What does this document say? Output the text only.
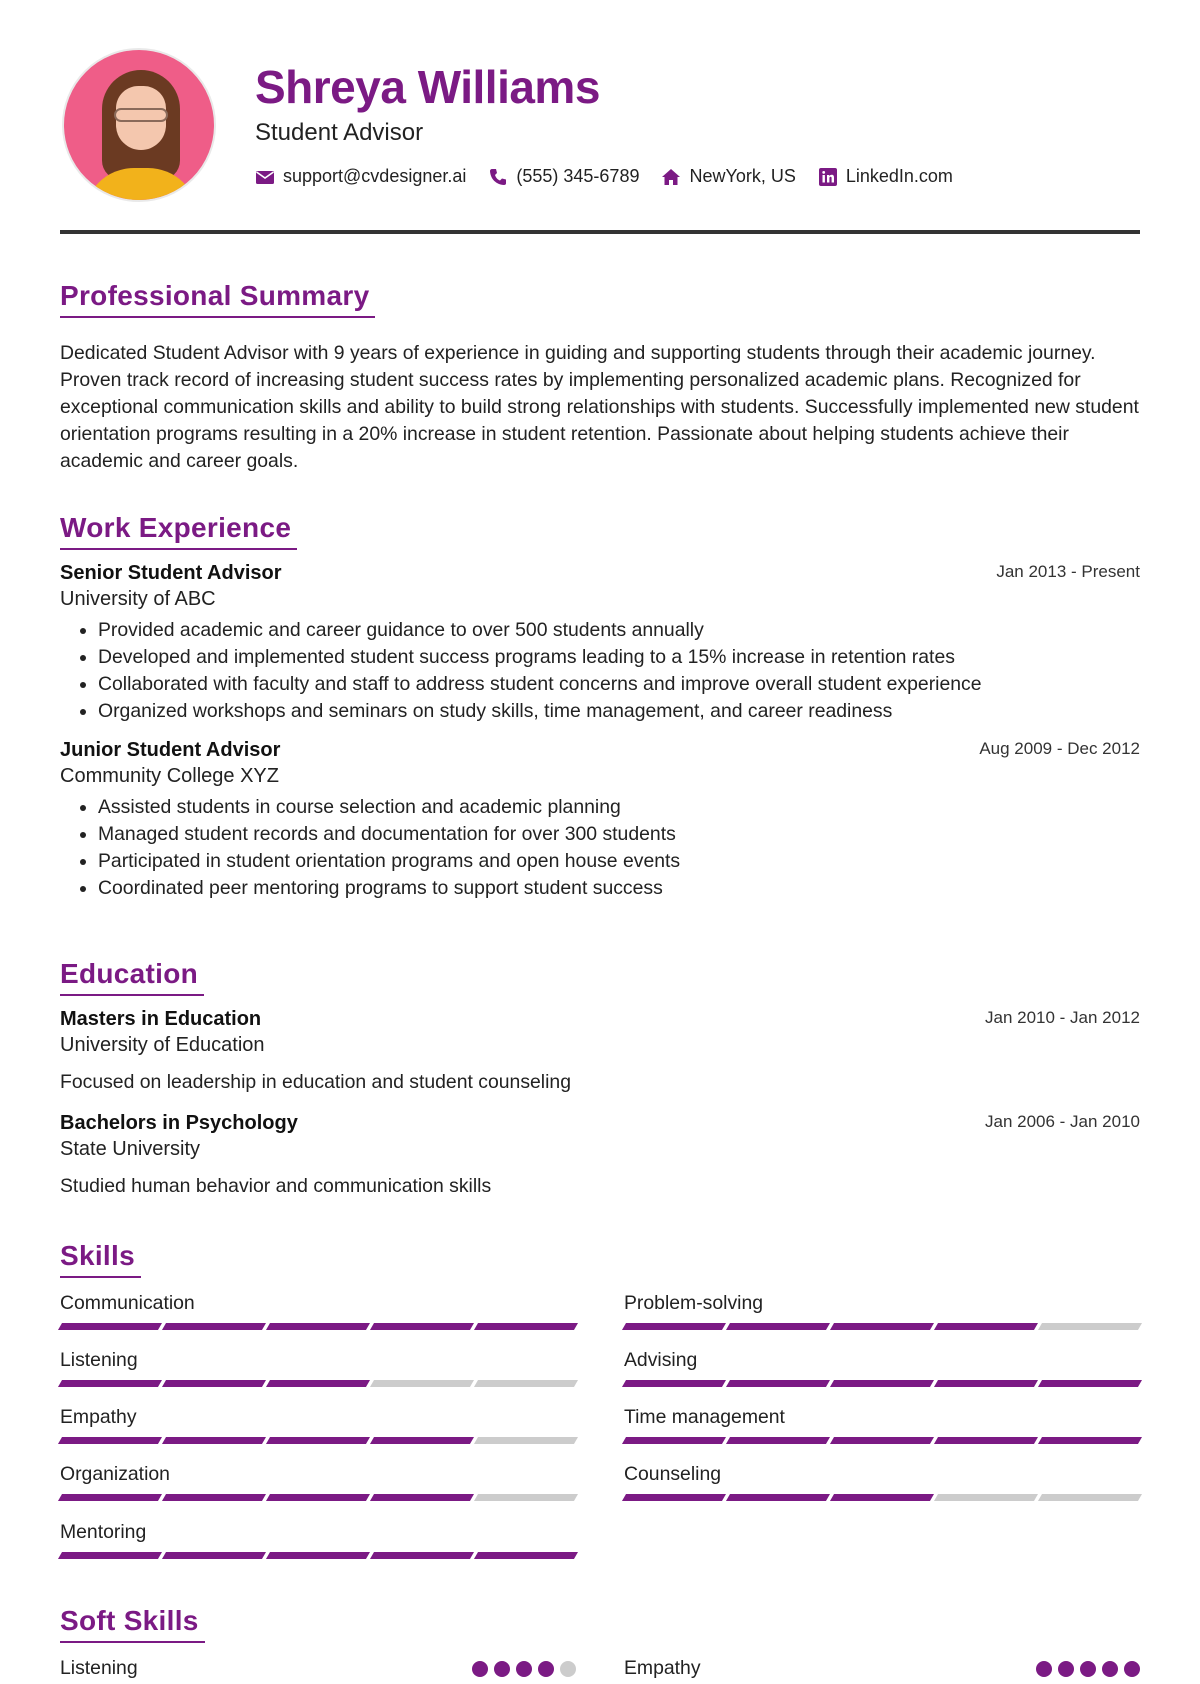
Shreya Williams
Student Advisor
support@cvdesigner.ai	(555) 345-6789	NewYork, US	LinkedIn.com
Professional Summary
Dedicated Student Advisor with 9 years of experience in guiding and supporting students through their academic journey. Proven track record of increasing student success rates by implementing personalized academic plans. Recognized for exceptional communication skills and ability to build strong relationships with students. Successfully implemented new student orientation programs resulting in a 20% increase in student retention. Passionate about helping students achieve their academic and career goals.
Work Experience
Senior Student Advisor	Jan 2013 - Present
University of ABC
• Provided academic and career guidance to over 500 students annually
• Developed and implemented student success programs leading to a 15% increase in retention rates
• Collaborated with faculty and staff to address student concerns and improve overall student experience
• Organized workshops and seminars on study skills, time management, and career readiness
Junior Student Advisor	Aug 2009 - Dec 2012
Community College XYZ
• Assisted students in course selection and academic planning
• Managed student records and documentation for over 300 students
• Participated in student orientation programs and open house events
• Coordinated peer mentoring programs to support student success
Education
Masters in Education	Jan 2010 - Jan 2012
University of Education
Focused on leadership in education and student counseling
Bachelors in Psychology	Jan 2006 - Jan 2010
State University
Studied human behavior and communication skills
Skills
Communication	Problem-solving
Listening	Advising
Empathy	Time management
Organization	Counseling
Mentoring
Soft Skills
Listening	Empathy
